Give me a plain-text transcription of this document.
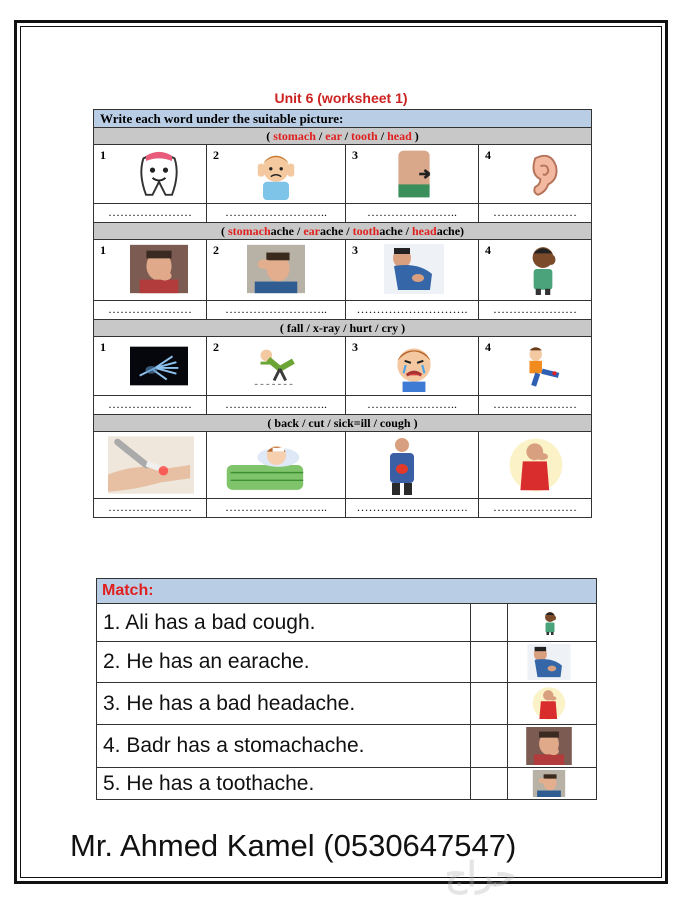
Unit 6 (worksheet 1)
Write each word under the suitable picture:			
( stomach / ear / tooth / head )			

1	2	3	4

…………………	……………………..	…………………..	…………………
( stomachache / earache / toothache / headache)			

1	2	3	4

…………………	……………………..	……………………….	…………………
( fall / x-ray / hurt / cry )			

1	2	3	4

…………………	……………………..	…………………..	…………………
( back / cut / sick=ill / cough )			

…………………	……………………..	……………………….	…………………
Match:		
1. Ali has a bad cough.		

2. He has an earache.		

3. He has a bad headache.		

4. Badr has a stomachache.		

5. He has a toothache.		
Mr. Ahmed Kamel (0530647547)
حراج
